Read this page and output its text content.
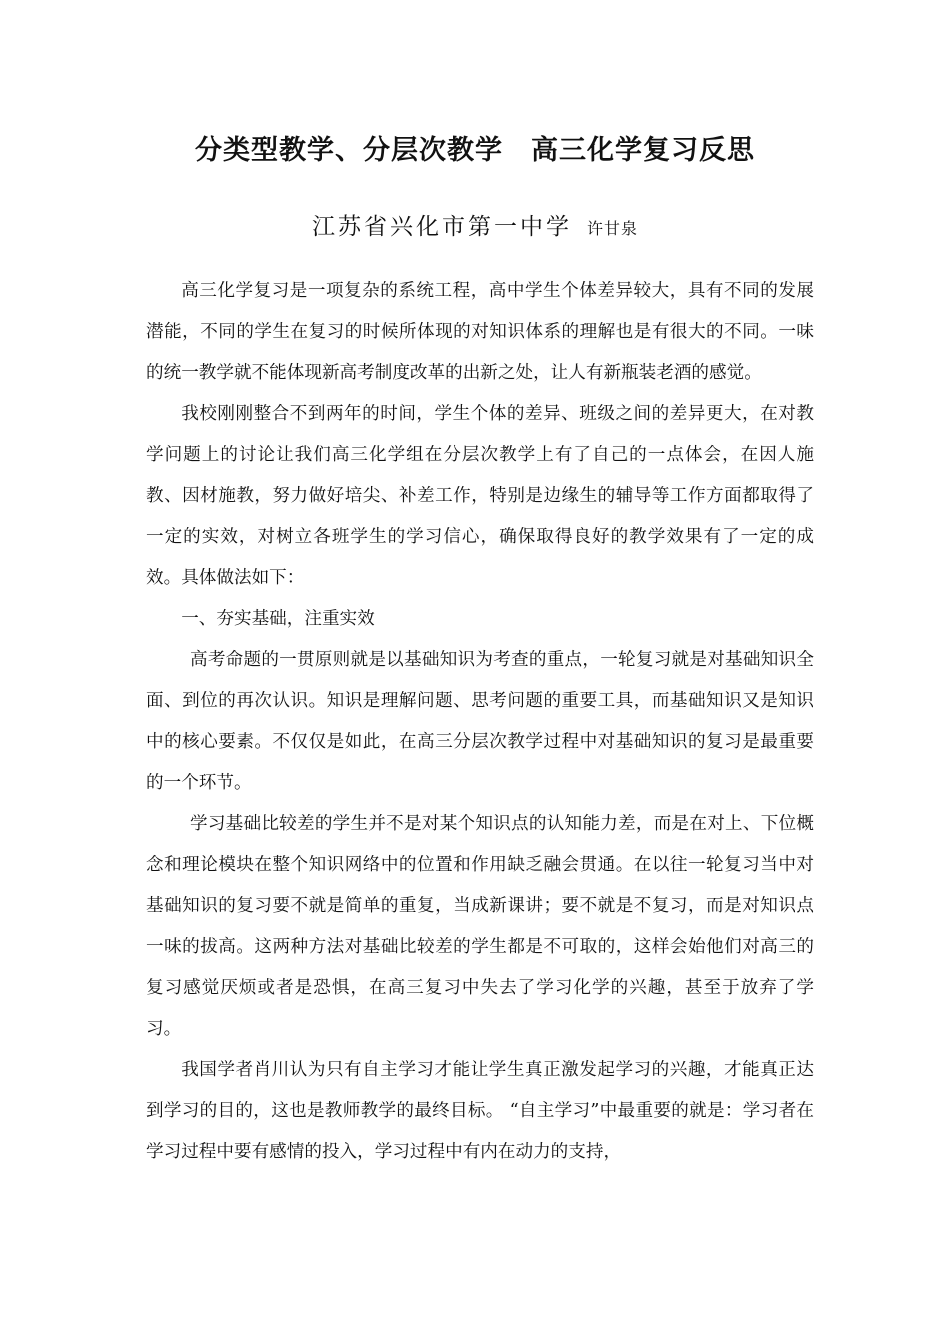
分类型教学、分层次教学　高三化学复习反思
江苏省兴化市第一中学 许甘泉

高三化学复习是一项复杂的系统工程，高中学生个体差异较大，具有不同的发展潜能，不同的学生在复习的时候所体现的对知识体系的理解也是有很大的不同。一味的统一教学就不能体现新高考制度改革的出新之处，让人有新瓶装老酒的感觉。

我校刚刚整合不到两年的时间，学生个体的差异、班级之间的差异更大，在对教学问题上的讨论让我们高三化学组在分层次教学上有了自己的一点体会，在因人施教、因材施教，努力做好培尖、补差工作，特别是边缘生的辅导等工作方面都取得了一定的实效，对树立各班学生的学习信心，确保取得良好的教学效果有了一定的成效。具体做法如下：

一、夯实基础，注重实效

高考命题的一贯原则就是以基础知识为考查的重点，一轮复习就是对基础知识全面、到位的再次认识。知识是理解问题、思考问题的重要工具，而基础知识又是知识中的核心要素。不仅仅是如此，在高三分层次教学过程中对基础知识的复习是最重要的一个环节。

学习基础比较差的学生并不是对某个知识点的认知能力差，而是在对上、下位概念和理论模块在整个知识网络中的位置和作用缺乏融会贯通。在以往一轮复习当中对基础知识的复习要不就是简单的重复，当成新课讲；要不就是不复习，而是对知识点一味的拔高。这两种方法对基础比较差的学生都是不可取的，这样会始他们对高三的复习感觉厌烦或者是恐惧，在高三复习中失去了学习化学的兴趣，甚至于放弃了学习。

我国学者肖川认为只有自主学习才能让学生真正激发起学习的兴趣，才能真正达到学习的目的，这也是教师教学的最终目标。 “自主学习”中最重要的就是：学习者在学习过程中要有感情的投入，学习过程中有内在动力的支持，
